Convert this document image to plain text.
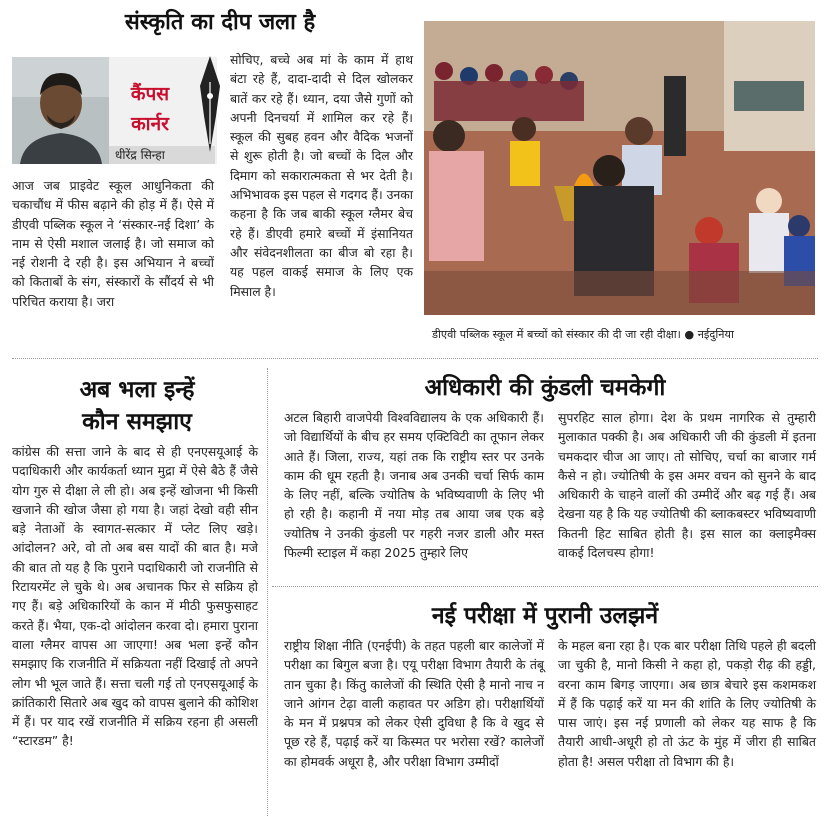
संस्कृति का दीप जला है
कैंपस
कार्नर
धीरेंद्र सिन्हा
आज जब प्राइवेट स्कूल आधुनिकता की चकाचौंध में फीस बढ़ाने की होड़ में हैं। ऐसे में डीएवी पब्लिक स्कूल ने ‘संस्कार-नई दिशा’ के नाम से ऐसी मशाल जलाई है। जो समाज को नई रोशनी दे रही है। इस अभियान ने बच्चों को किताबों के संग, संस्कारों के सौंदर्य से भी परिचित कराया है। जरा
सोचिए, बच्चे अब मां के काम में हाथ बंटा रहे हैं, दादा-दादी से दिल खोलकर बातें कर रहे हैं। ध्यान, दया जैसे गुणों को अपनी दिनचर्या में शामिल कर रहे हैं। स्कूल की सुबह हवन और वैदिक भजनों से शुरू होती है। जो बच्चों के दिल और दिमाग को सकारात्मकता से भर देती है। अभिभावक इस पहल से गदगद हैं। उनका कहना है कि जब बाकी स्कूल ग्लैमर बेच रहे हैं। डीएवी हमारे बच्चों में इंसानियत और संवेदनशीलता का बीज बो रहा है। यह पहल वाकई समाज के लिए एक मिसाल है।
डीएवी पब्लिक स्कूल में बच्चों को संस्कार की दी जा रही दीक्षा। ● नईदुनिया
अब भला इन्हें
कौन समझाए
कांग्रेस की सत्ता जाने के बाद से ही एनएसयूआई के पदाधिकारी और कार्यकर्ता ध्यान मुद्रा में ऐसे बैठे हैं जैसे योग गुरु से दीक्षा ले ली हो। अब इन्हें खोजना भी किसी खजाने की खोज जैसा हो गया है। जहां देखो वही सीन बड़े नेताओं के स्वागत-सत्कार में प्लेट लिए खड़े। आंदोलन? अरे, वो तो अब बस यादों की बात है। मजे की बात तो यह है कि पुराने पदाधिकारी जो राजनीति से रिटायरमेंट ले चुके थे। अब अचानक फिर से सक्रिय हो गए हैं। बड़े अधिकारियों के कान में मीठी फुसफुसाहट करते हैं। भैया, एक-दो आंदोलन करवा दो। हमारा पुराना वाला ग्लैमर वापस आ जाएगा! अब भला इन्हें कौन समझाए कि राजनीति में सक्रियता नहीं दिखाई तो अपने लोग भी भूल जाते हैं। सत्ता चली गई तो एनएसयूआई के क्रांतिकारी सितारे अब खुद को वापस बुलाने की कोशिश में हैं। पर याद रखें राजनीति में सक्रिय रहना ही असली “स्टारडम” है!
अधिकारी की कुंडली चमकेगी
अटल बिहारी वाजपेयी विश्वविद्यालय के एक अधिकारी हैं। जो विद्यार्थियों के बीच हर समय एक्टिविटी का तूफान लेकर आते हैं। जिला, राज्य, यहां तक कि राष्ट्रीय स्तर पर उनके काम की धूम रहती है। जनाब अब उनकी चर्चा सिर्फ काम के लिए नहीं, बल्कि ज्योतिष के भविष्यवाणी के लिए भी हो रही है। कहानी में नया मोड़ तब आया जब एक बड़े ज्योतिष ने उनकी कुंडली पर गहरी नजर डाली और मस्त फिल्मी स्टाइल में कहा 2025 तुम्हारे लिए
सुपरहिट साल होगा। देश के प्रथम नागरिक से तुम्हारी मुलाकात पक्की है। अब अधिकारी जी की कुंडली में इतना चमकदार चीज आ जाए। तो सोचिए, चर्चा का बाजार गर्म कैसे न हो। ज्योतिषी के इस अमर वचन को सुनने के बाद अधिकारी के चाहने वालों की उम्मीदें और बढ़ गई हैं। अब देखना यह है कि यह ज्योतिषी की ब्लाकबस्टर भविष्यवाणी कितनी हिट साबित होती है। इस साल का क्लाइमैक्स वाकई दिलचस्प होगा!
नई परीक्षा में पुरानी उलझनें
राष्ट्रीय शिक्षा नीति (एनईपी) के तहत पहली बार कालेजों में परीक्षा का बिगुल बजा है। एयू परीक्षा विभाग तैयारी के तंबू तान चुका है। किंतु कालेजों की स्थिति ऐसी है मानो नाच न जाने आंगन टेढ़ा वाली कहावत पर अडिग हो। परीक्षार्थियों के मन में प्रश्नपत्र को लेकर ऐसी दुविधा है कि वे खुद से पूछ रहे हैं, पढ़ाई करें या किस्मत पर भरोसा रखें? कालेजों का होमवर्क अधूरा है, और परीक्षा विभाग उम्मीदों
के महल बना रहा है। एक बार परीक्षा तिथि पहले ही बदली जा चुकी है, मानो किसी ने कहा हो, पकड़ो रीढ़ की हड्डी, वरना काम बिगड़ जाएगा। अब छात्र बेचारे इस कशमकश में हैं कि पढ़ाई करें या मन की शांति के लिए ज्योतिषी के पास जाएं। इस नई प्रणाली को लेकर यह साफ है कि तैयारी आधी-अधूरी हो तो ऊंट के मुंह में जीरा ही साबित होता है! असल परीक्षा तो विभाग की है।
